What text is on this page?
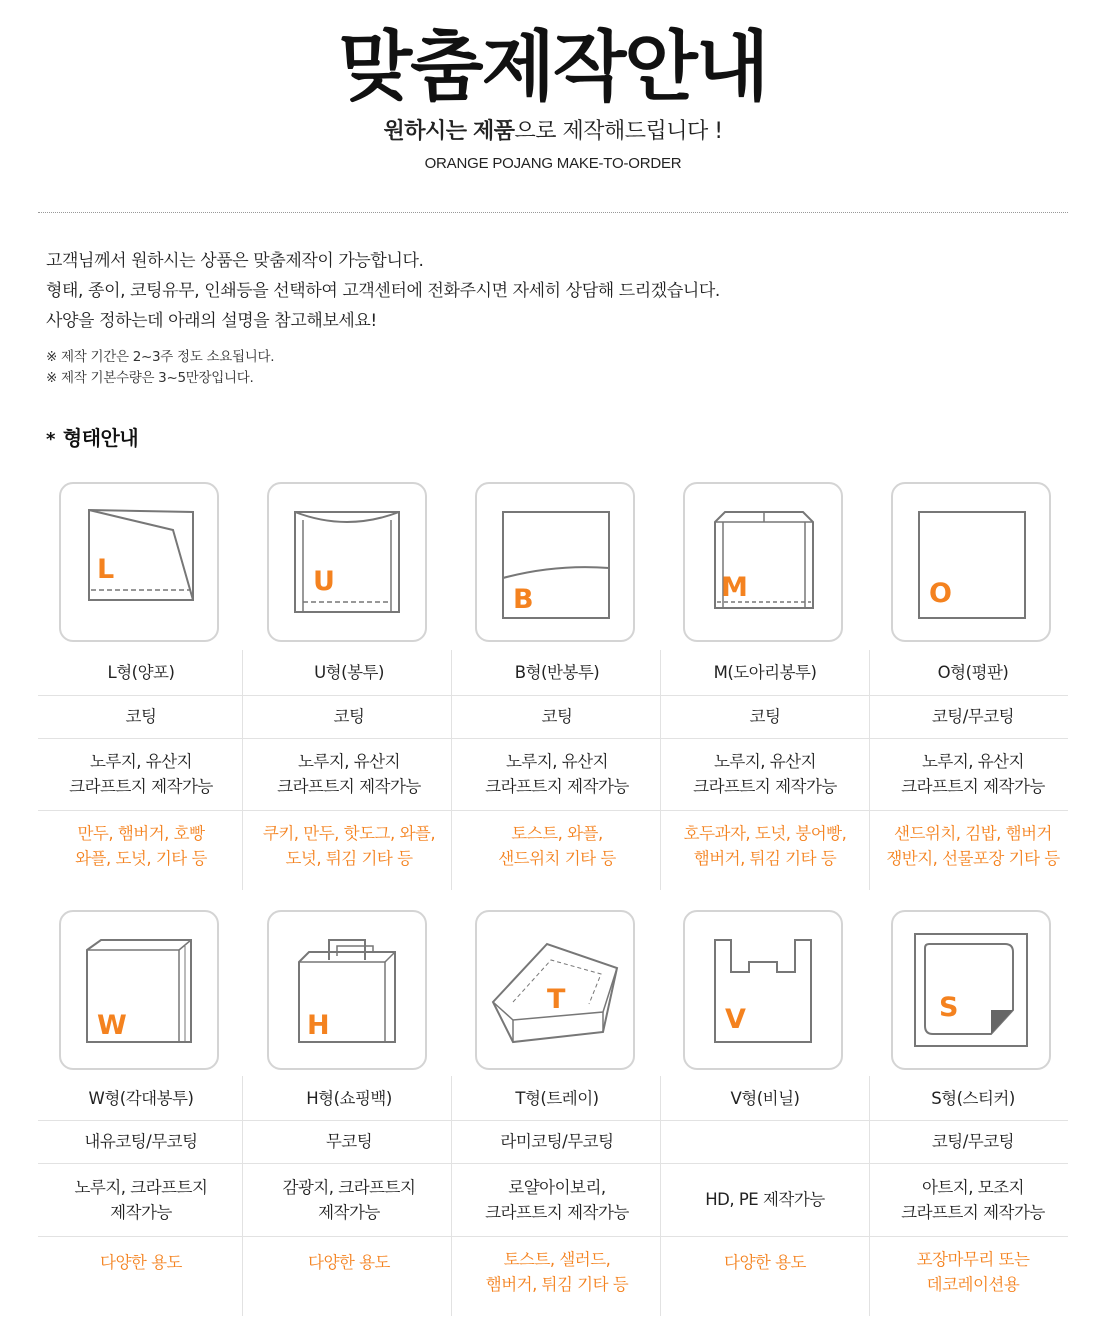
맞춤제작안내
원하시는 제품으로 제작해드립니다 !
ORANGE POJANG MAKE-TO-ORDER

고객님께서 원하시는 상품은 맞춤제작이 가능합니다.

형태, 종이, 코팅유무, 인쇄등을 선택하여 고객센터에 전화주시면 자세히 상담해 드리겠습니다.

사양을 정하는데 아래의 설명을 참고해보세요!

※ 제작 기간은 2~3주 정도 소요됩니다.

※ 제작 기본수량은 3~5만장입니다.

* 형태안내
L
L형(양포)
코팅
노루지, 유산지
크라프트지 제작가능
만두, 햄버거, 호빵
와플, 도넛, 기타 등
U
U형(봉투)
코팅
노루지, 유산지
크라프트지 제작가능
쿠키, 만두, 핫도그, 와플,
도넛, 튀김 기타 등
B
B형(반봉투)
코팅
노루지, 유산지
크라프트지 제작가능
토스트, 와플,
샌드위치 기타 등
M
M(도아리봉투)
코팅
노루지, 유산지
크라프트지 제작가능
호두과자, 도넛, 붕어빵,
햄버거, 튀김 기타 등
O
O형(평판)
코팅/무코팅
노루지, 유산지
크라프트지 제작가능
샌드위치, 김밥, 햄버거
쟁반지, 선물포장 기타 등
W
W형(각대봉투)
내유코팅/무코팅
노루지, 크라프트지
제작가능
다양한 용도
H
H형(쇼핑백)
무코팅
감광지, 크라프트지
제작가능
다양한 용도
T
T형(트레이)
라미코팅/무코팅
로얄아이보리,
크라프트지 제작가능
토스트, 샐러드,
햄버거, 튀김 기타 등
V
V형(비닐)
HD, PE 제작가능
다양한 용도
S
S형(스티커)
코팅/무코팅
아트지, 모조지
크라프트지 제작가능
포장마무리 또는
데코레이션용
